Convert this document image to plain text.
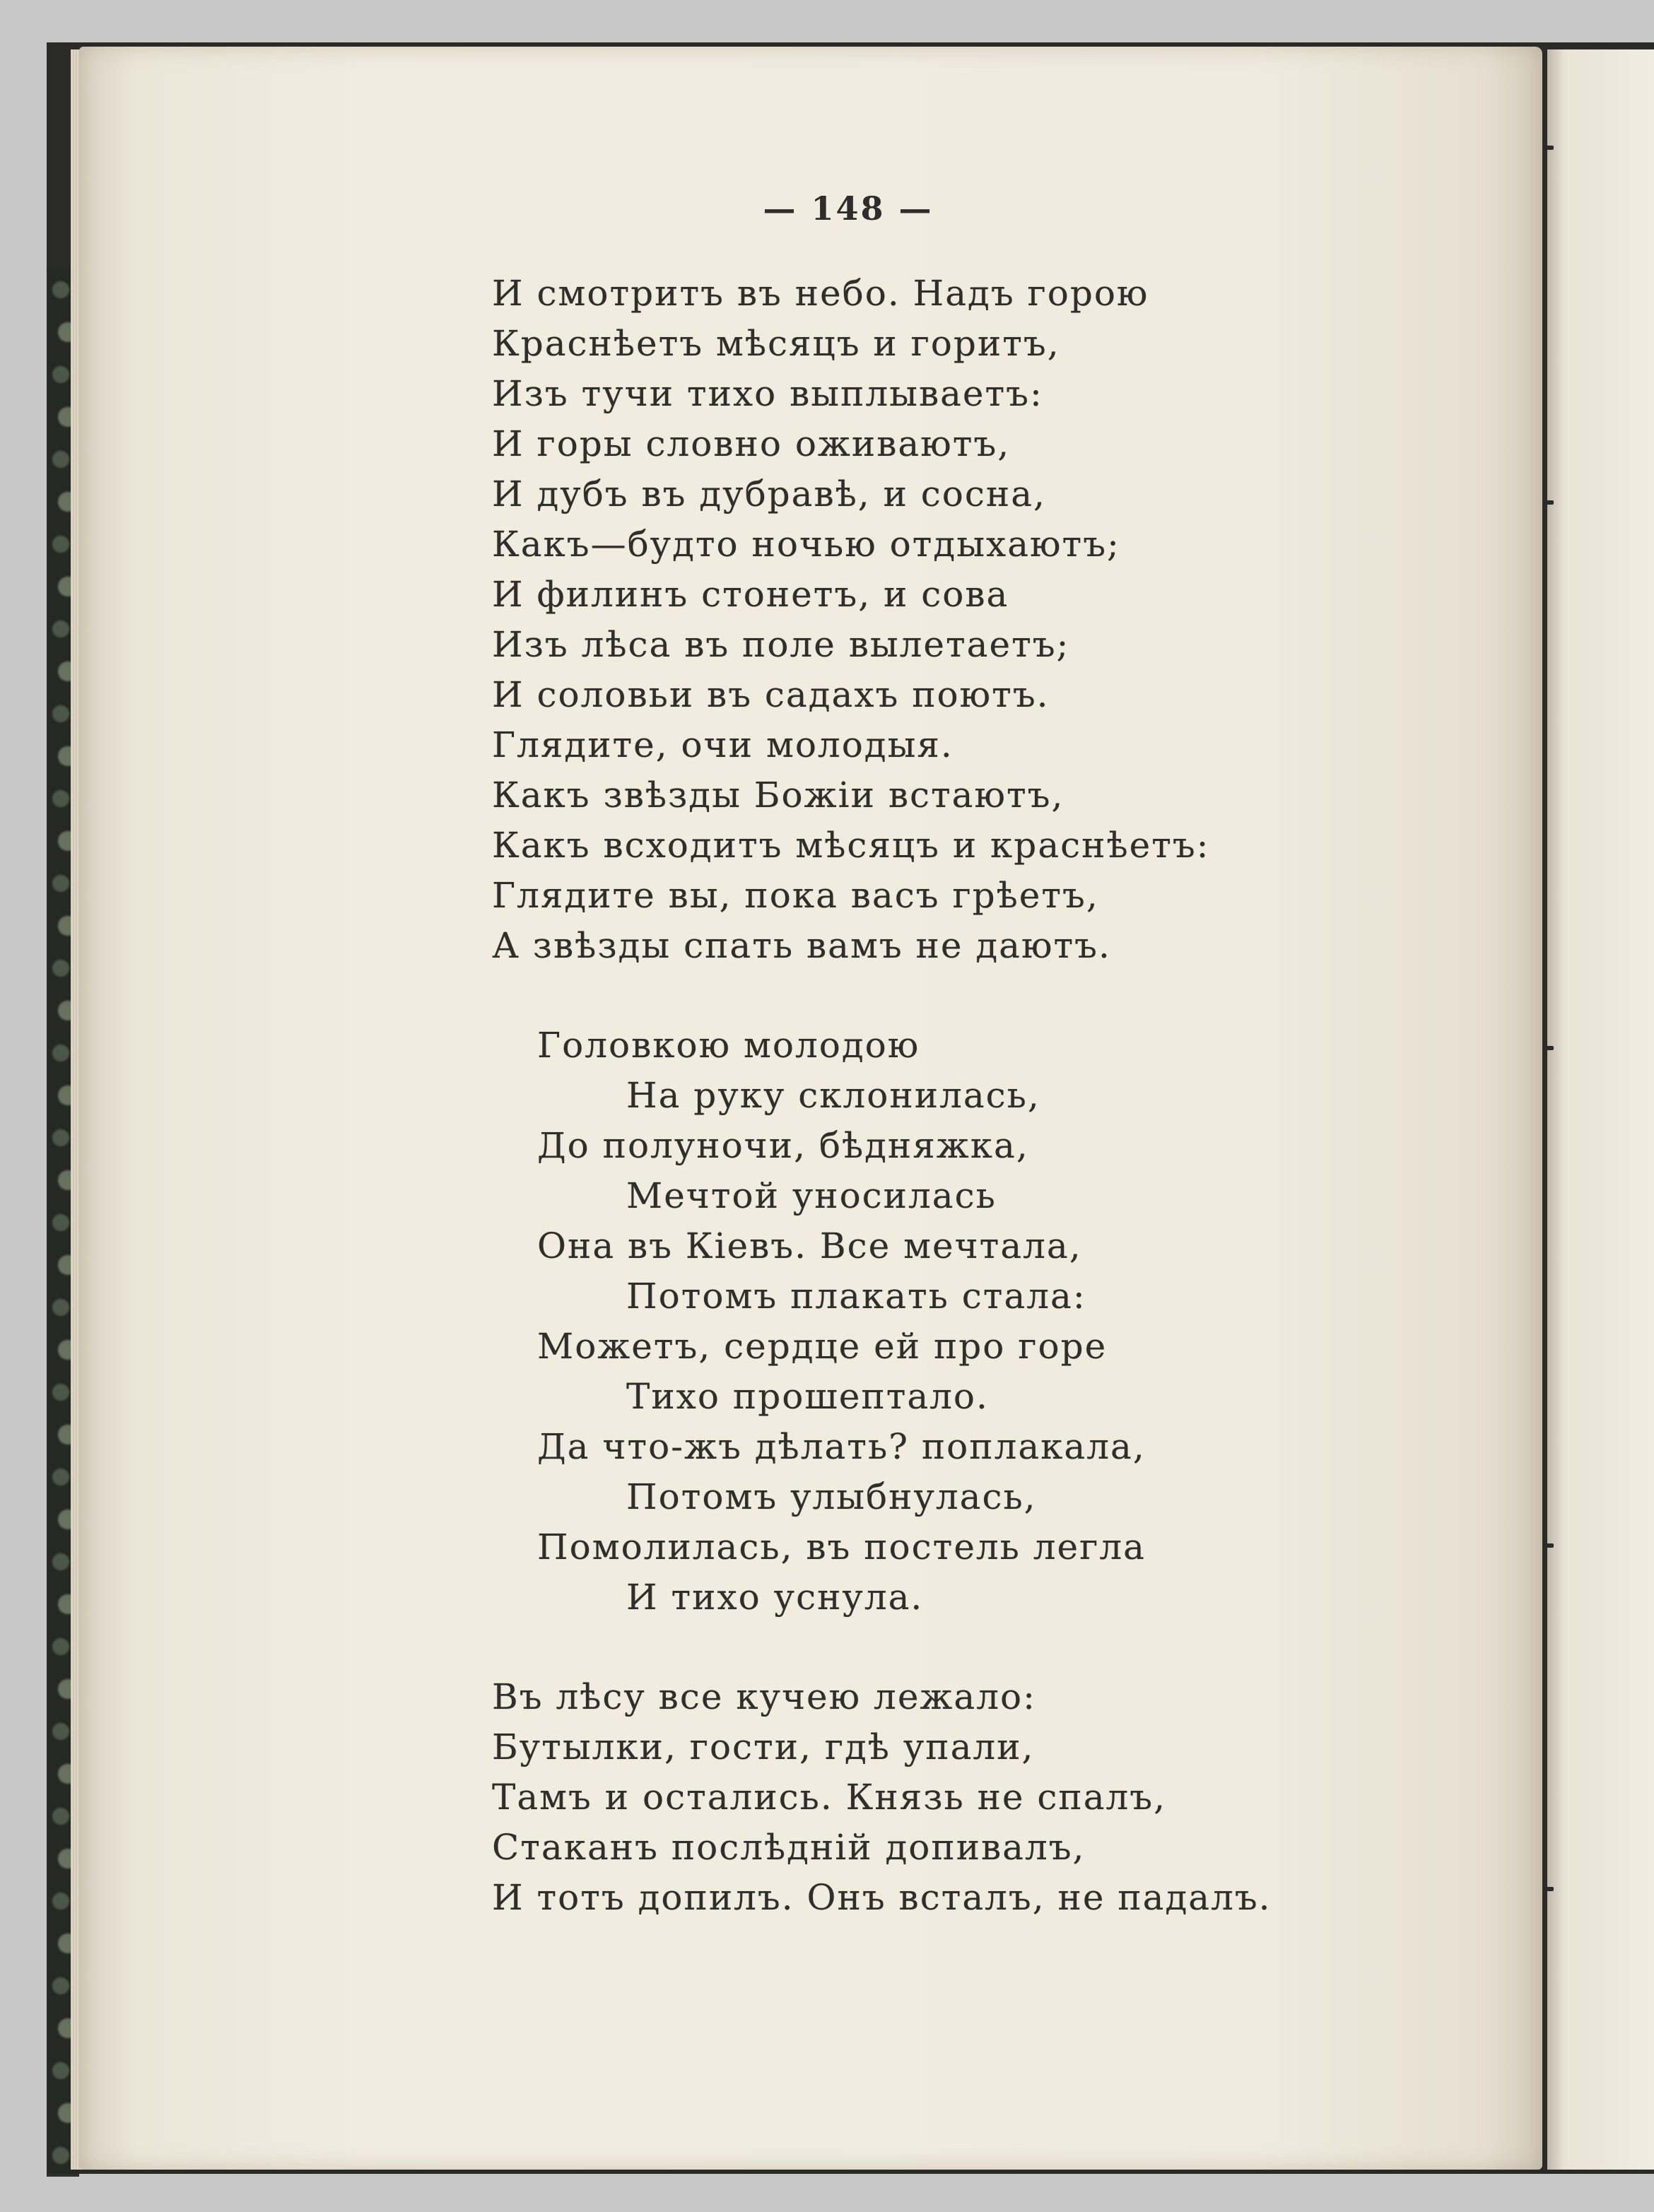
— 148 —
И смотритъ въ небо. Надъ горою
Краснѣетъ мѣсяцъ и горитъ,
Изъ тучи тихо выплываетъ:
И горы словно оживаютъ,
И дубъ въ дубравѣ, и сосна,
Какъ—будто ночью отдыхаютъ;
И филинъ стонетъ, и сова
Изъ лѣса въ поле вылетаетъ;
И соловьи въ садахъ поютъ.
Глядите, очи молодыя.
Какъ звѣзды Божіи встаютъ,
Какъ всходитъ мѣсяцъ и краснѣетъ:
Глядите вы, пока васъ грѣетъ,
А звѣзды спать вамъ не даютъ.
Головкою молодою
На руку склонилась,
До полуночи, бѣдняжка,
Мечтой уносилась
Она въ Кіевъ. Все мечтала,
Потомъ плакать стала:
Можетъ, сердце ей про горе
Тихо прошептало.
Да что-жъ дѣлать? поплакала,
Потомъ улыбнулась,
Помолилась, въ постель легла
И тихо уснула.
Въ лѣсу все кучею лежало:
Бутылки, гости, гдѣ упали,
Тамъ и остались. Князь не спалъ,
Стаканъ послѣдній допивалъ,
И тотъ допилъ. Онъ всталъ, не падалъ.
